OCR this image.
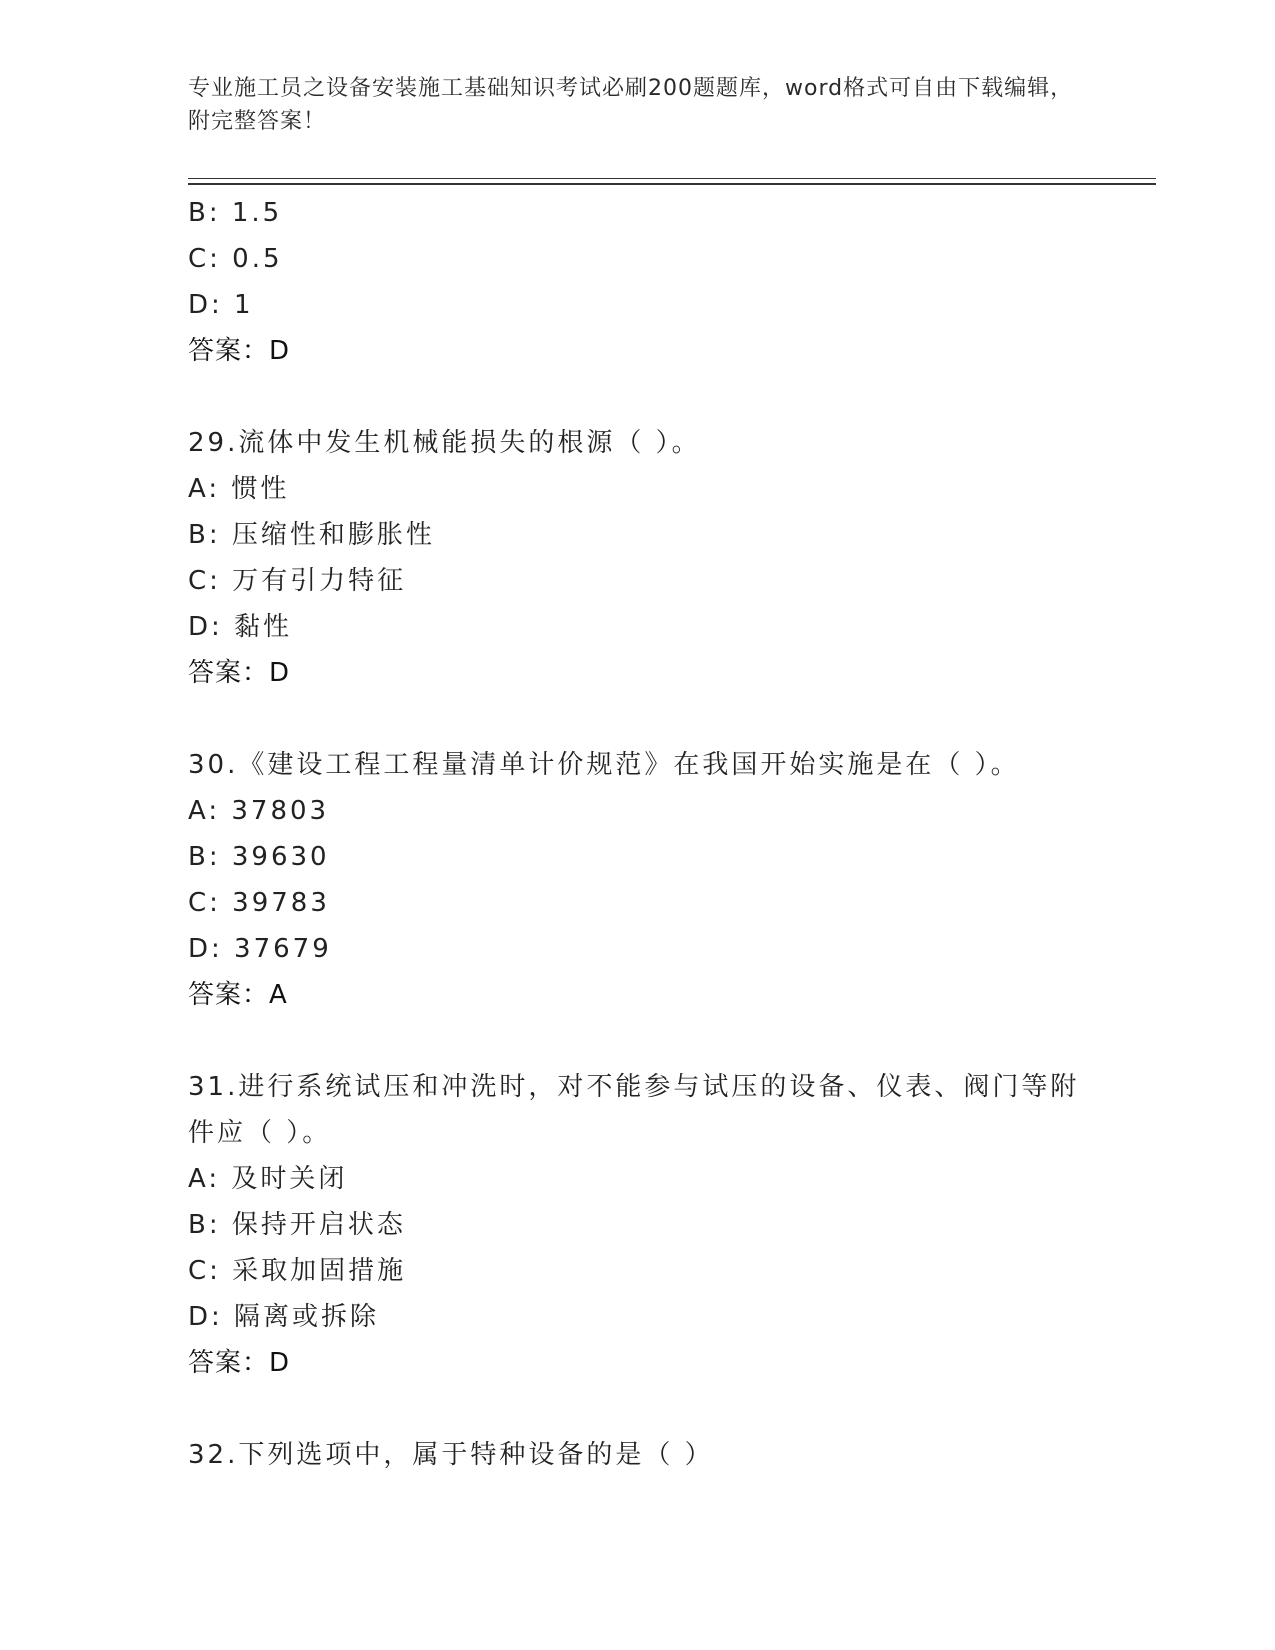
专业施工员之设备安装施工基础知识考试必刷200题题库，word格式可自由下载编辑，附完整答案！
B: 1.5
C: 0.5
D: 1
答案：D
29.流体中发生机械能损失的根源（ ）。
A: 惯性
B: 压缩性和膨胀性
C: 万有引力特征
D: 黏性
答案：D
30.《建设工程工程量清单计价规范》在我国开始实施是在（ ）。
A: 37803
B: 39630
C: 39783
D: 37679
答案：A
31.进行系统试压和冲洗时，对不能参与试压的设备、仪表、阀门等附件应（ ）。
A: 及时关闭
B: 保持开启状态
C: 采取加固措施
D: 隔离或拆除
答案：D
32.下列选项中，属于特种设备的是（ ）
